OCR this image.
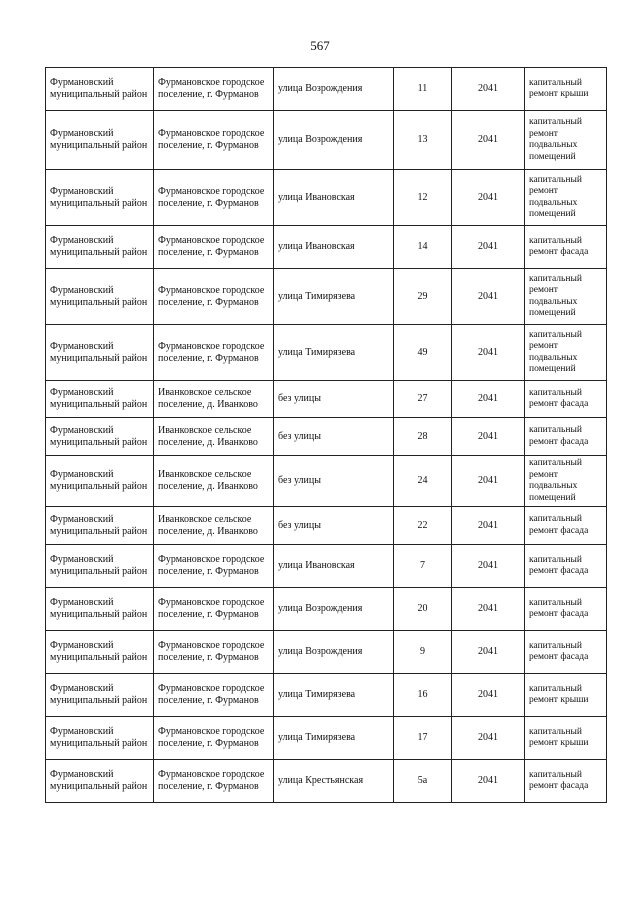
567
Фурмановский муниципальный район	Фурмановское городское поселение, г. Фурманов	улица Возрождения	11	2041	капитальный ремонт крыши
Фурмановский муниципальный район	Фурмановское городское поселение, г. Фурманов	улица Возрождения	13	2041	капитальный ремонт подвальных помещений
Фурмановский муниципальный район	Фурмановское городское поселение, г. Фурманов	улица Ивановская	12	2041	капитальный ремонт подвальных помещений
Фурмановский муниципальный район	Фурмановское городское поселение, г. Фурманов	улица Ивановская	14	2041	капитальный ремонт фасада
Фурмановский муниципальный район	Фурмановское городское поселение, г. Фурманов	улица Тимирязева	29	2041	капитальный ремонт подвальных помещений
Фурмановский муниципальный район	Фурмановское городское поселение, г. Фурманов	улица Тимирязева	49	2041	капитальный ремонт подвальных помещений
Фурмановский муниципальный район	Иванковское сельское поселение, д. Иванково	без улицы	27	2041	капитальный ремонт фасада
Фурмановский муниципальный район	Иванковское сельское поселение, д. Иванково	без улицы	28	2041	капитальный ремонт фасада
Фурмановский муниципальный район	Иванковское сельское поселение, д. Иванково	без улицы	24	2041	капитальный ремонт подвальных помещений
Фурмановский муниципальный район	Иванковское сельское поселение, д. Иванково	без улицы	22	2041	капитальный ремонт фасада
Фурмановский муниципальный район	Фурмановское городское поселение, г. Фурманов	улица Ивановская	7	2041	капитальный ремонт фасада
Фурмановский муниципальный район	Фурмановское городское поселение, г. Фурманов	улица Возрождения	20	2041	капитальный ремонт фасада
Фурмановский муниципальный район	Фурмановское городское поселение, г. Фурманов	улица Возрождения	9	2041	капитальный ремонт фасада
Фурмановский муниципальный район	Фурмановское городское поселение, г. Фурманов	улица Тимирязева	16	2041	капитальный ремонт крыши
Фурмановский муниципальный район	Фурмановское городское поселение, г. Фурманов	улица Тимирязева	17	2041	капитальный ремонт крыши
Фурмановский муниципальный район	Фурмановское городское поселение, г. Фурманов	улица Крестьянская	5а	2041	капитальный ремонт фасада
